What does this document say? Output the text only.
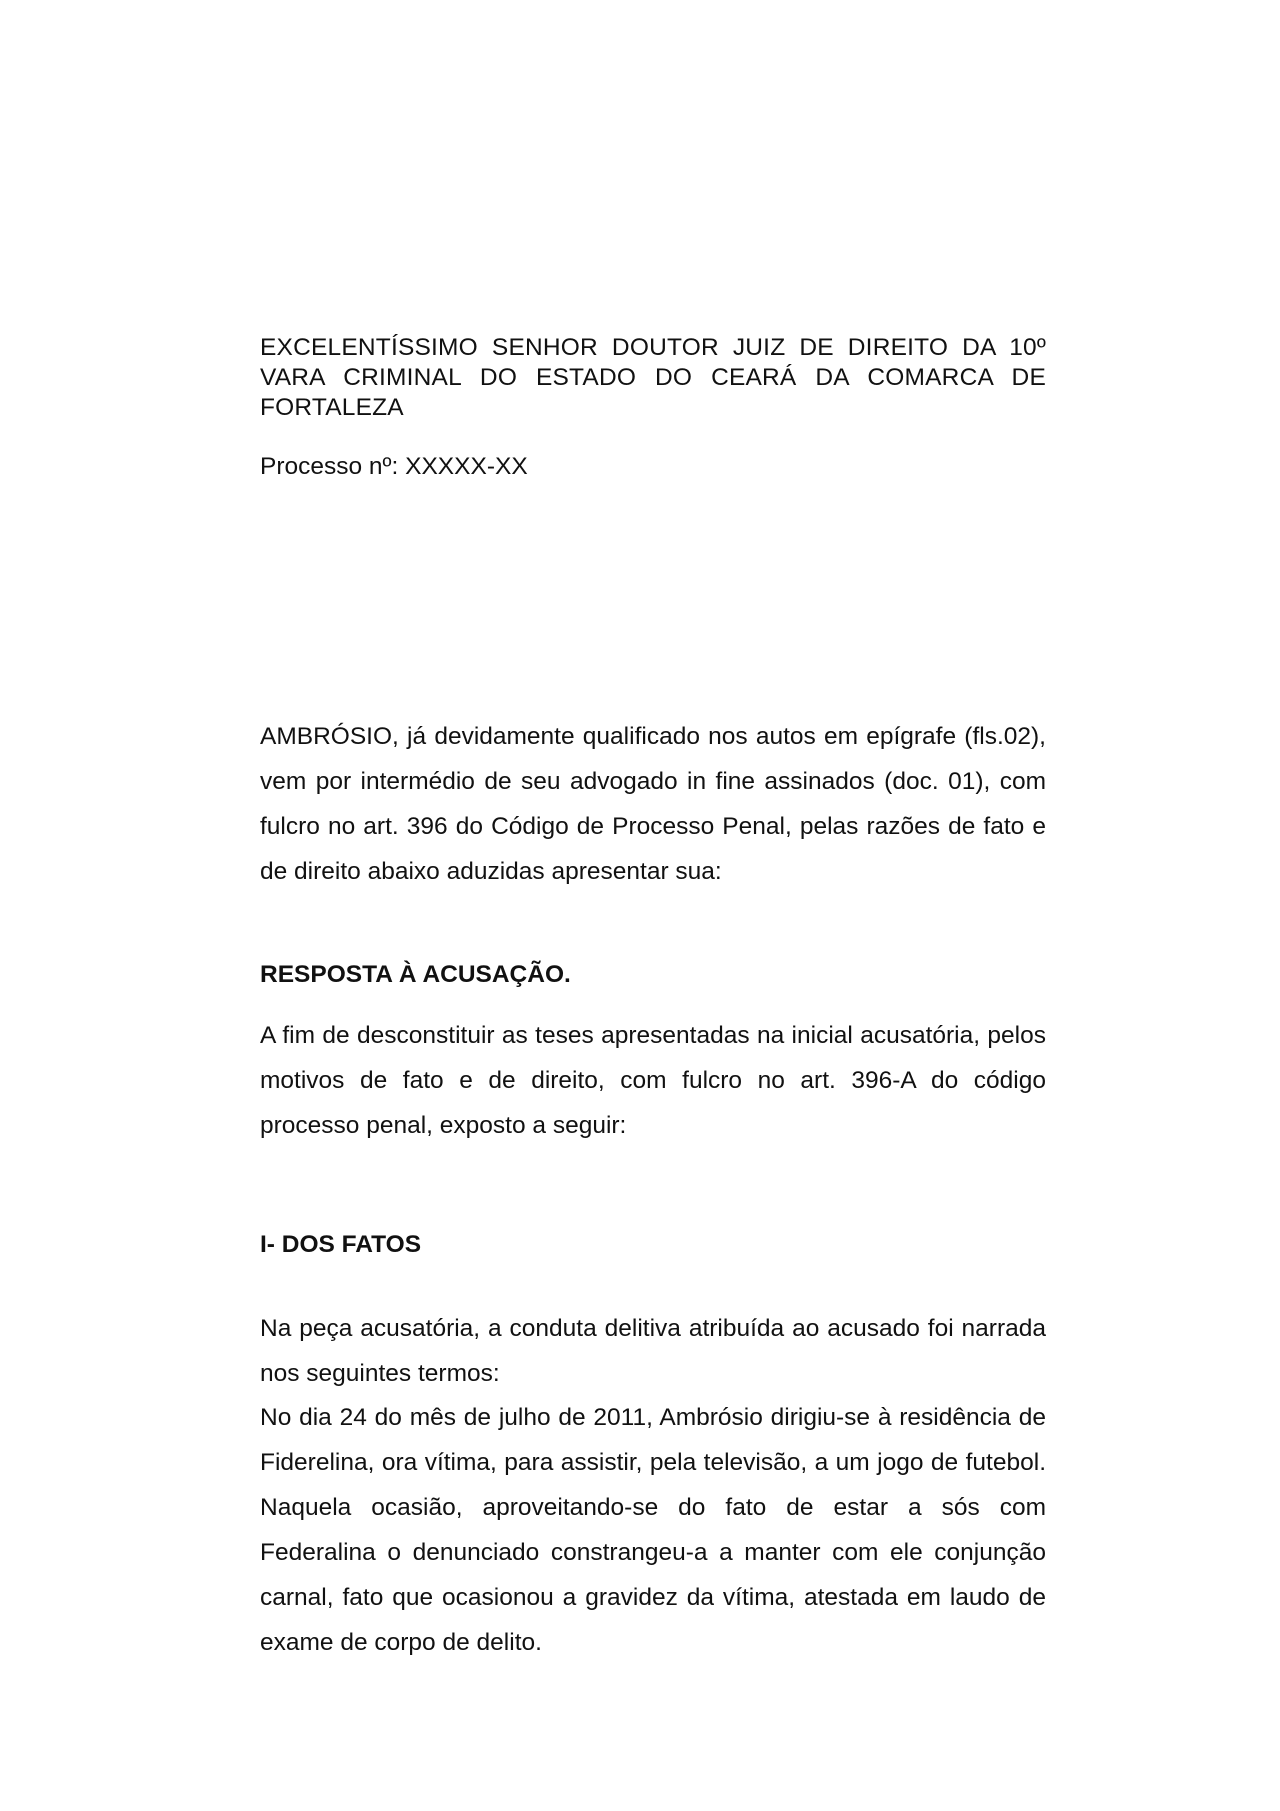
EXCELENTÍSSIMO SENHOR DOUTOR JUIZ DE DIREITO DA 10º VARA CRIMINAL DO ESTADO DO CEARÁ DA COMARCA DE FORTALEZA

Processo nº: XXXXX-XX

AMBRÓSIO, já devidamente qualificado nos autos em epígrafe (fls.02), vem por intermédio de seu advogado in fine assinados (doc. 01), com fulcro no art. 396 do Código de Processo Penal, pelas razões de fato e de direito abaixo aduzidas apresentar sua:

RESPOSTA À ACUSAÇÃO.

A fim de desconstituir as teses apresentadas na inicial acusatória, pelos motivos de fato e de direito, com fulcro no art. 396-A do código processo penal, exposto a seguir:

I- DOS FATOS

Na peça acusatória, a conduta delitiva atribuída ao acusado foi narrada nos seguintes termos:

No dia 24 do mês de julho de 2011, Ambrósio dirigiu-se à residência de Fiderelina, ora vítima, para assistir, pela televisão, a um jogo de futebol. Naquela ocasião, aproveitando-se do fato de estar a sós com Federalina o denunciado constrangeu-a a manter com ele conjunção carnal, fato que ocasionou a gravidez da vítima, atestada em laudo de exame de corpo de delito.
